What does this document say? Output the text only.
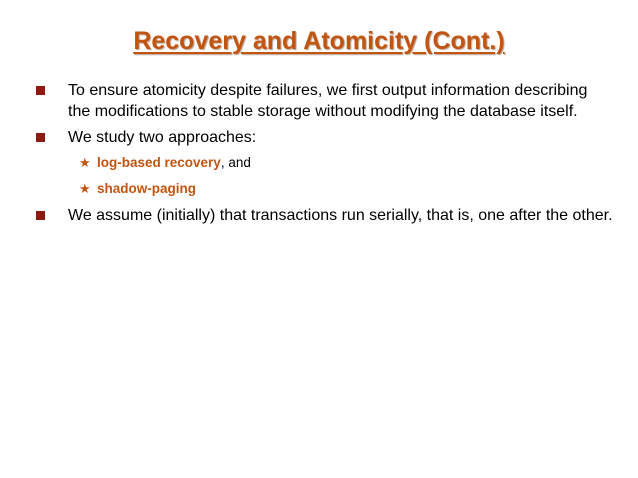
Recovery and Atomicity (Cont.)
To ensure atomicity despite failures, we first output information describing the modifications to stable storage without modifying the database itself.
We study two approaches:
★ log-based recovery, and
★ shadow-paging
We assume (initially) that transactions run serially, that is, one after the other.
